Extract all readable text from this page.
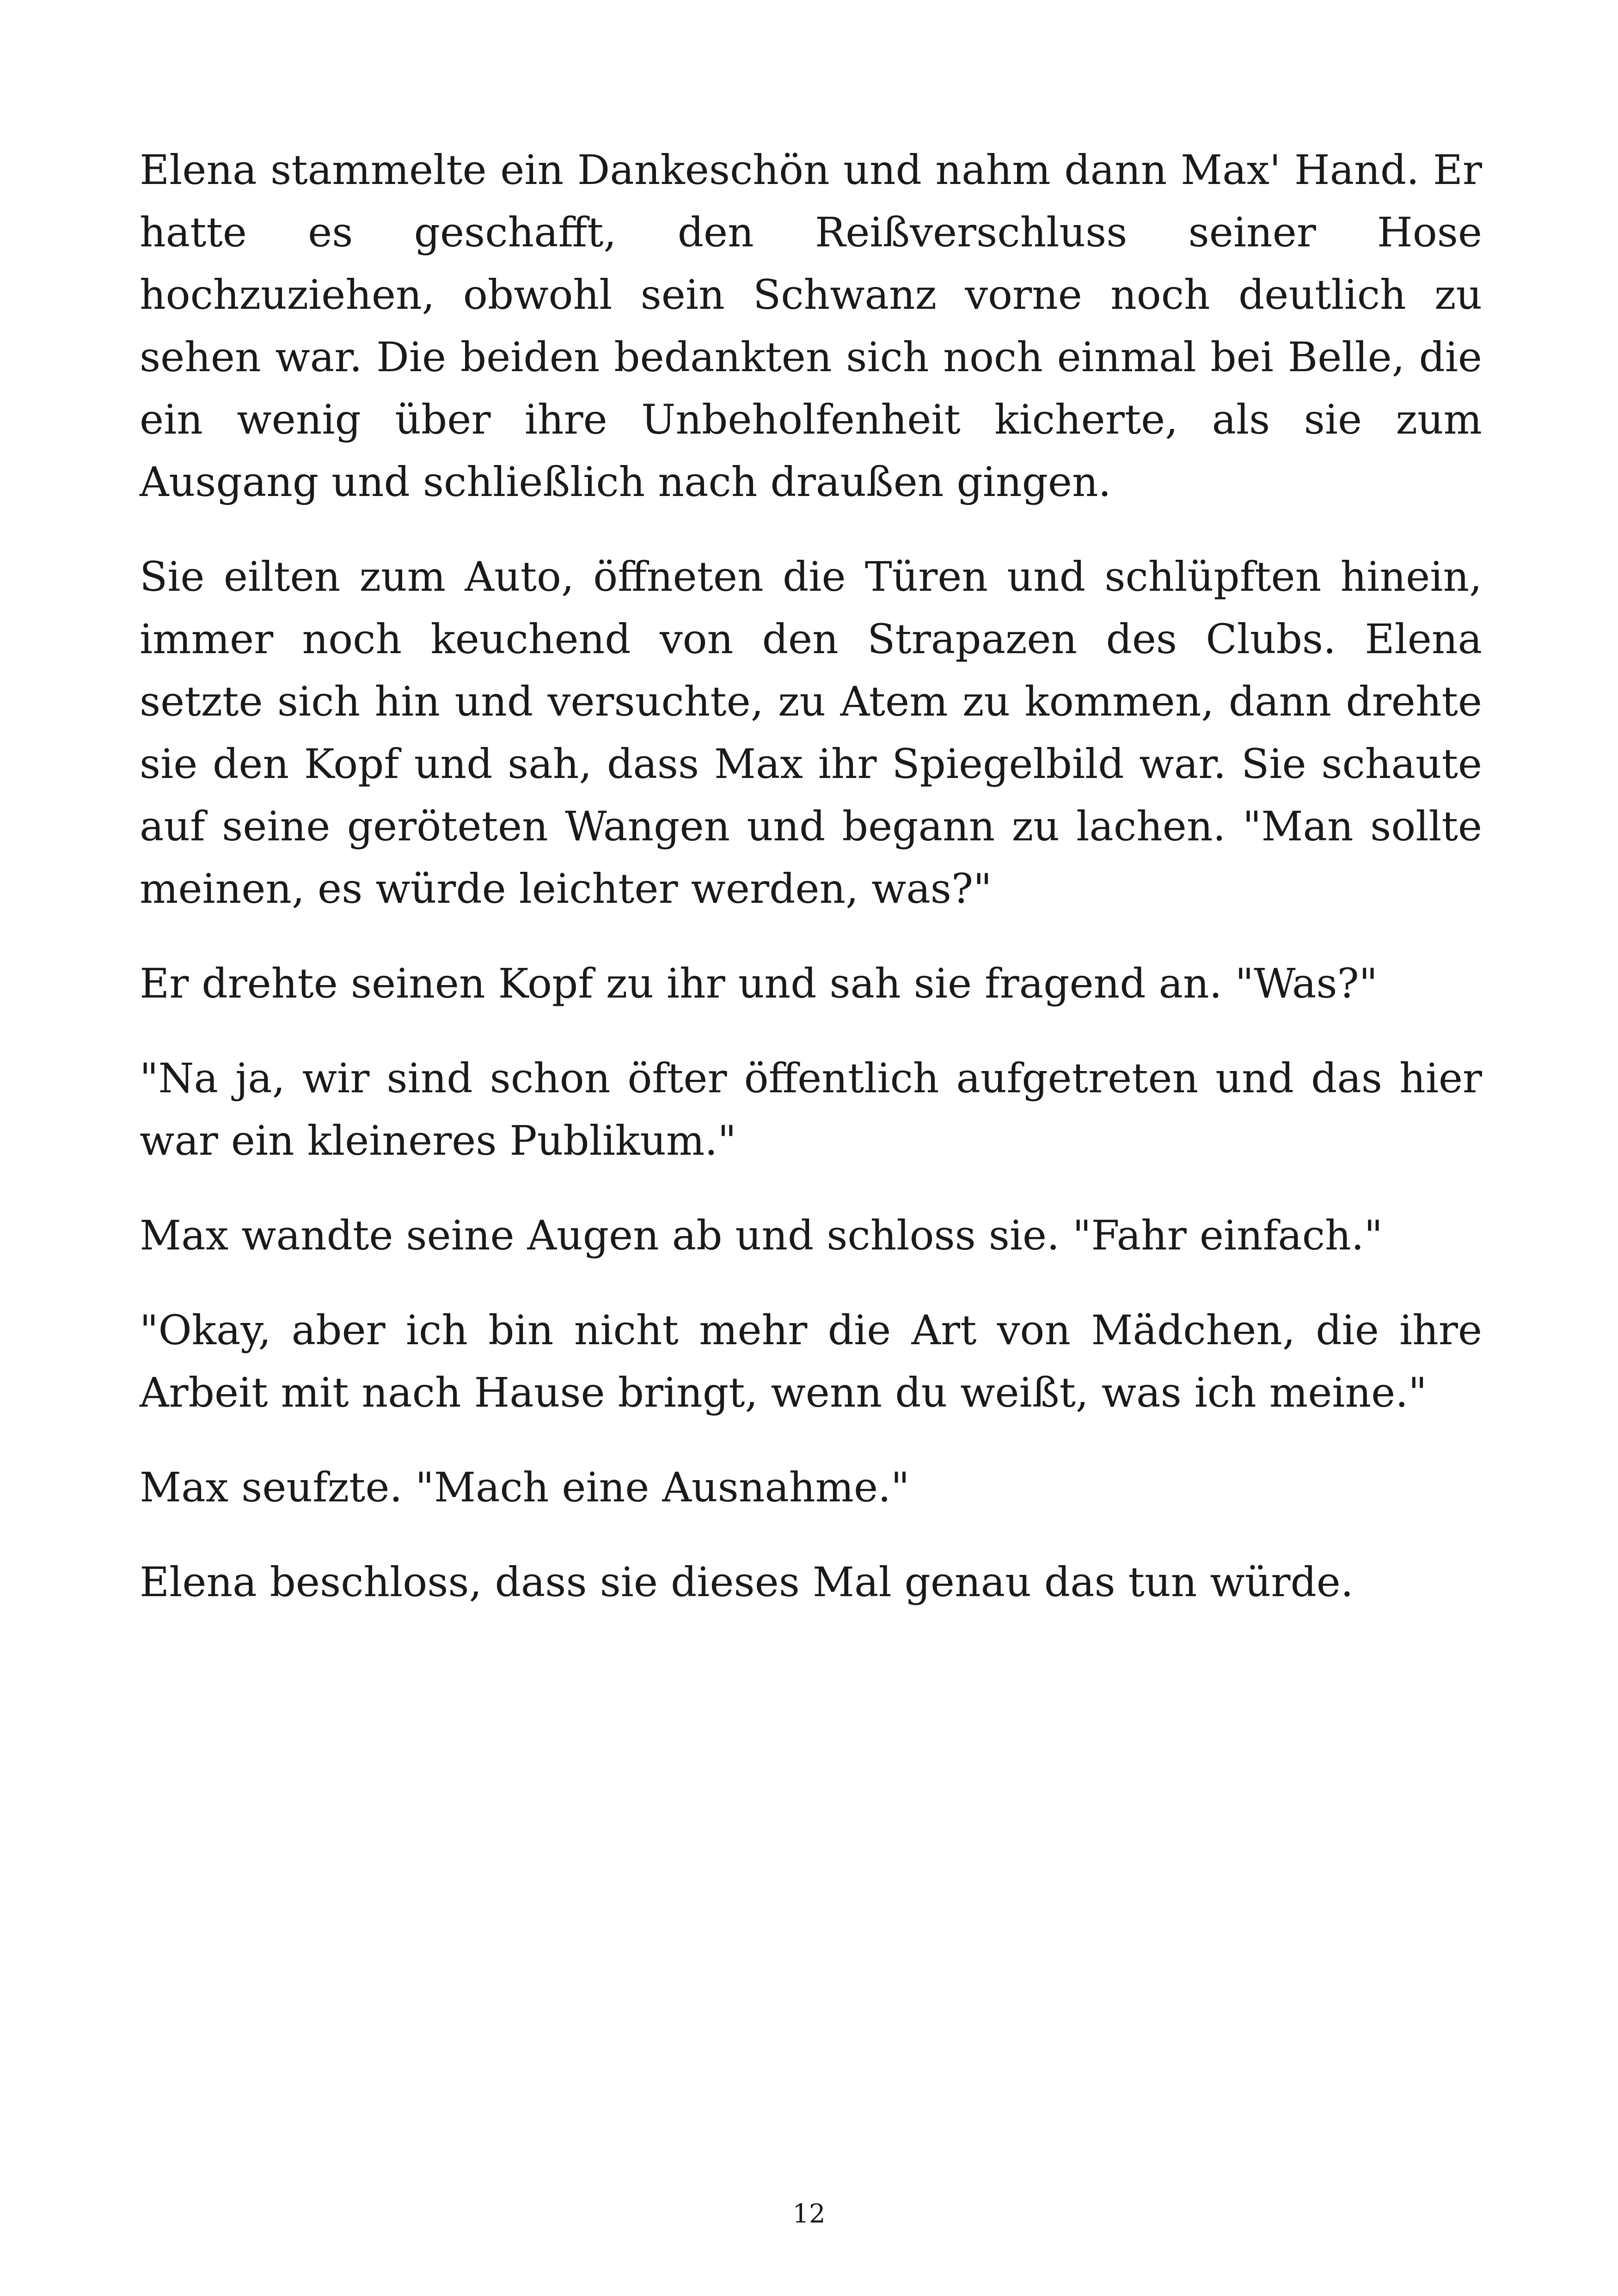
Elena stammelte ein Dankeschön und nahm dann Max' Hand. Er hatte es geschafft, den Reißverschluss seiner Hose hochzuziehen, obwohl sein Schwanz vorne noch deutlich zu sehen war. Die beiden bedankten sich noch einmal bei Belle, die ein wenig über ihre Unbeholfenheit kicherte, als sie zum Ausgang und schließlich nach draußen gingen.

Sie eilten zum Auto, öffneten die Türen und schlüpften hinein, immer noch keuchend von den Strapazen des Clubs. Elena setzte sich hin und versuchte, zu Atem zu kommen, dann drehte sie den Kopf und sah, dass Max ihr Spiegelbild war. Sie schaute auf seine geröteten Wangen und begann zu lachen. "Man sollte meinen, es würde leichter werden, was?"

Er drehte seinen Kopf zu ihr und sah sie fragend an. "Was?"

"Na ja, wir sind schon öfter öffentlich aufgetreten und das hier war ein kleineres Publikum."

Max wandte seine Augen ab und schloss sie. "Fahr einfach."

"Okay, aber ich bin nicht mehr die Art von Mädchen, die ihre Arbeit mit nach Hause bringt, wenn du weißt, was ich meine."

Max seufzte. "Mach eine Ausnahme."

Elena beschloss, dass sie dieses Mal genau das tun würde.

12
